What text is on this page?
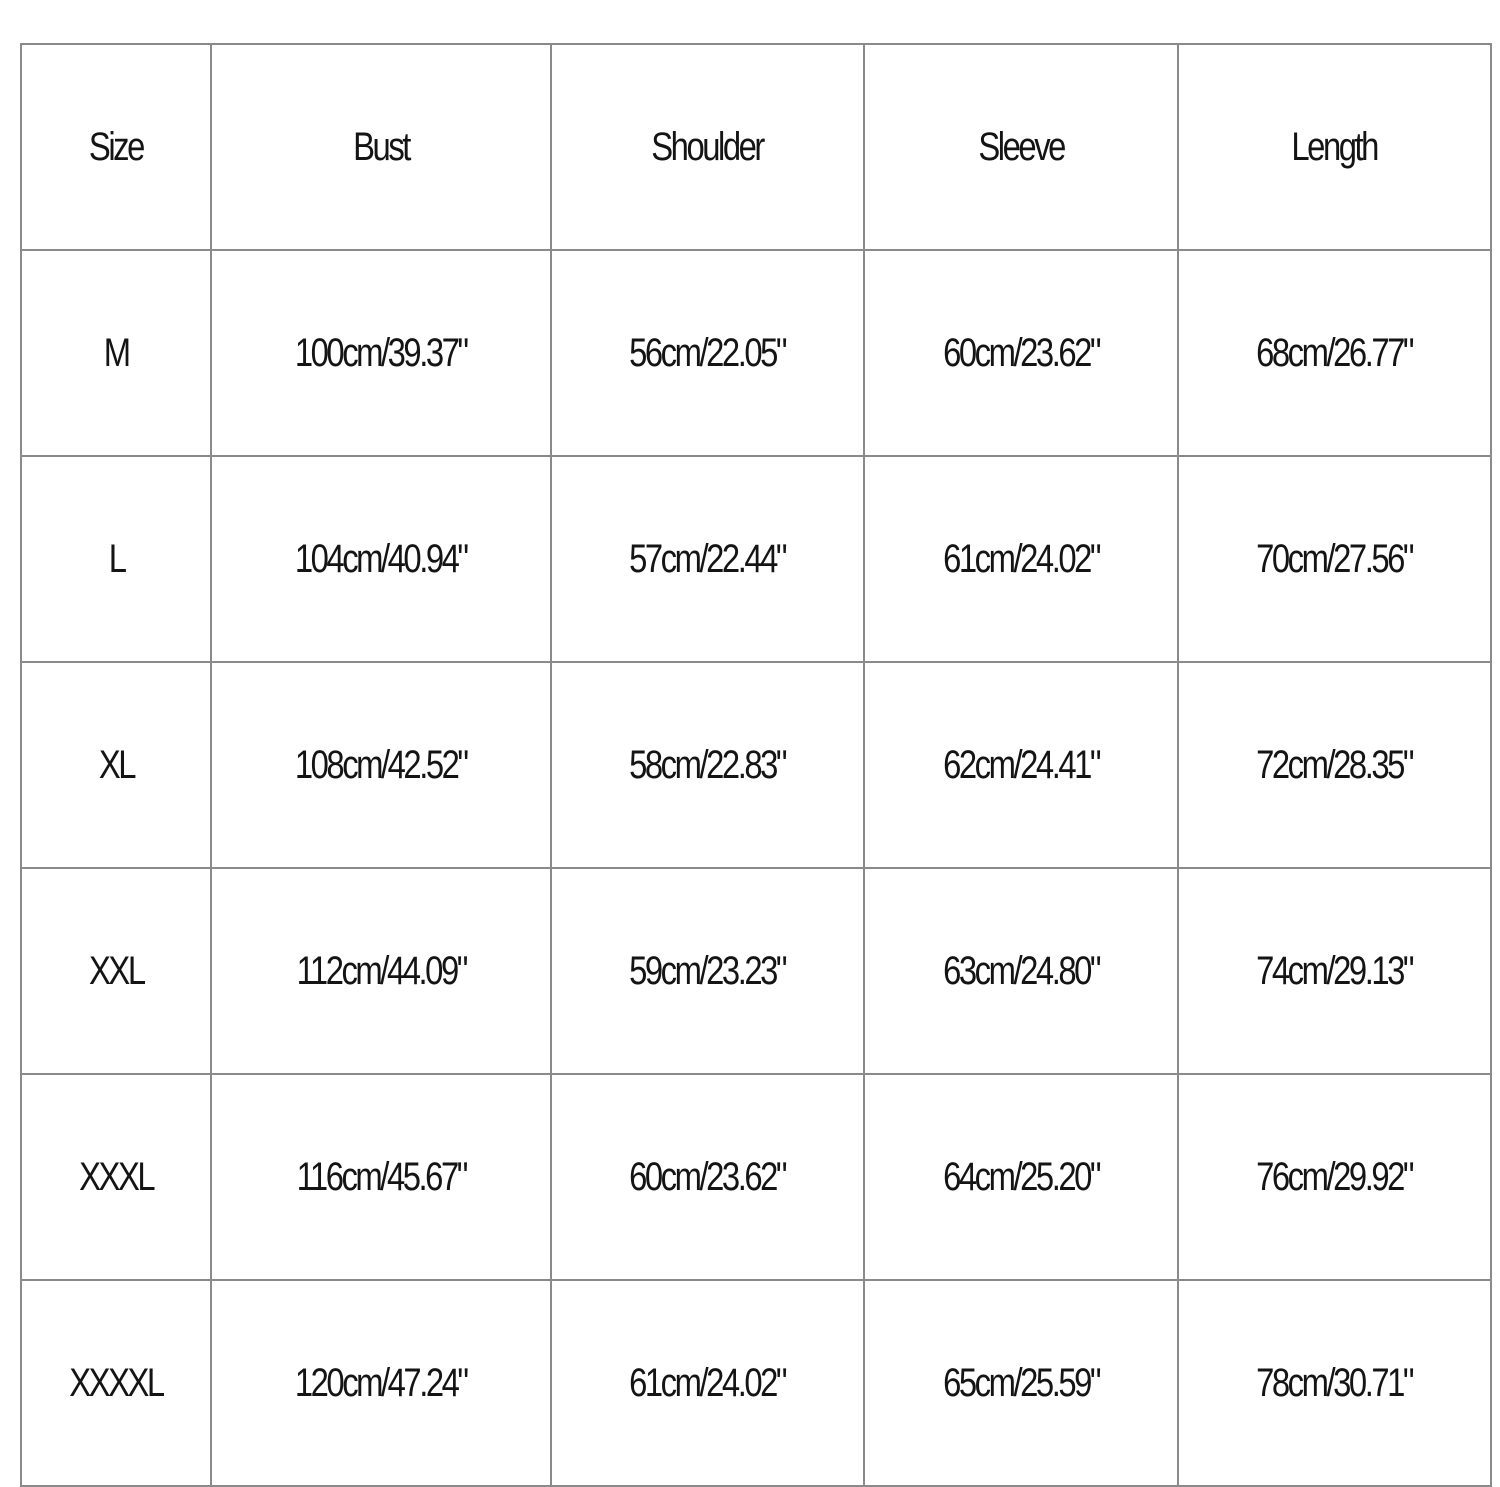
Size	Bust	Shoulder	Sleeve	Length
M	100cm/39.37"	56cm/22.05"	60cm/23.62"	68cm/26.77"
L	104cm/40.94"	57cm/22.44"	61cm/24.02"	70cm/27.56"
XL	108cm/42.52"	58cm/22.83"	62cm/24.41"	72cm/28.35"
XXL	112cm/44.09"	59cm/23.23"	63cm/24.80"	74cm/29.13"
XXXL	116cm/45.67"	60cm/23.62"	64cm/25.20"	76cm/29.92"
XXXXL	120cm/47.24"	61cm/24.02"	65cm/25.59"	78cm/30.71"
